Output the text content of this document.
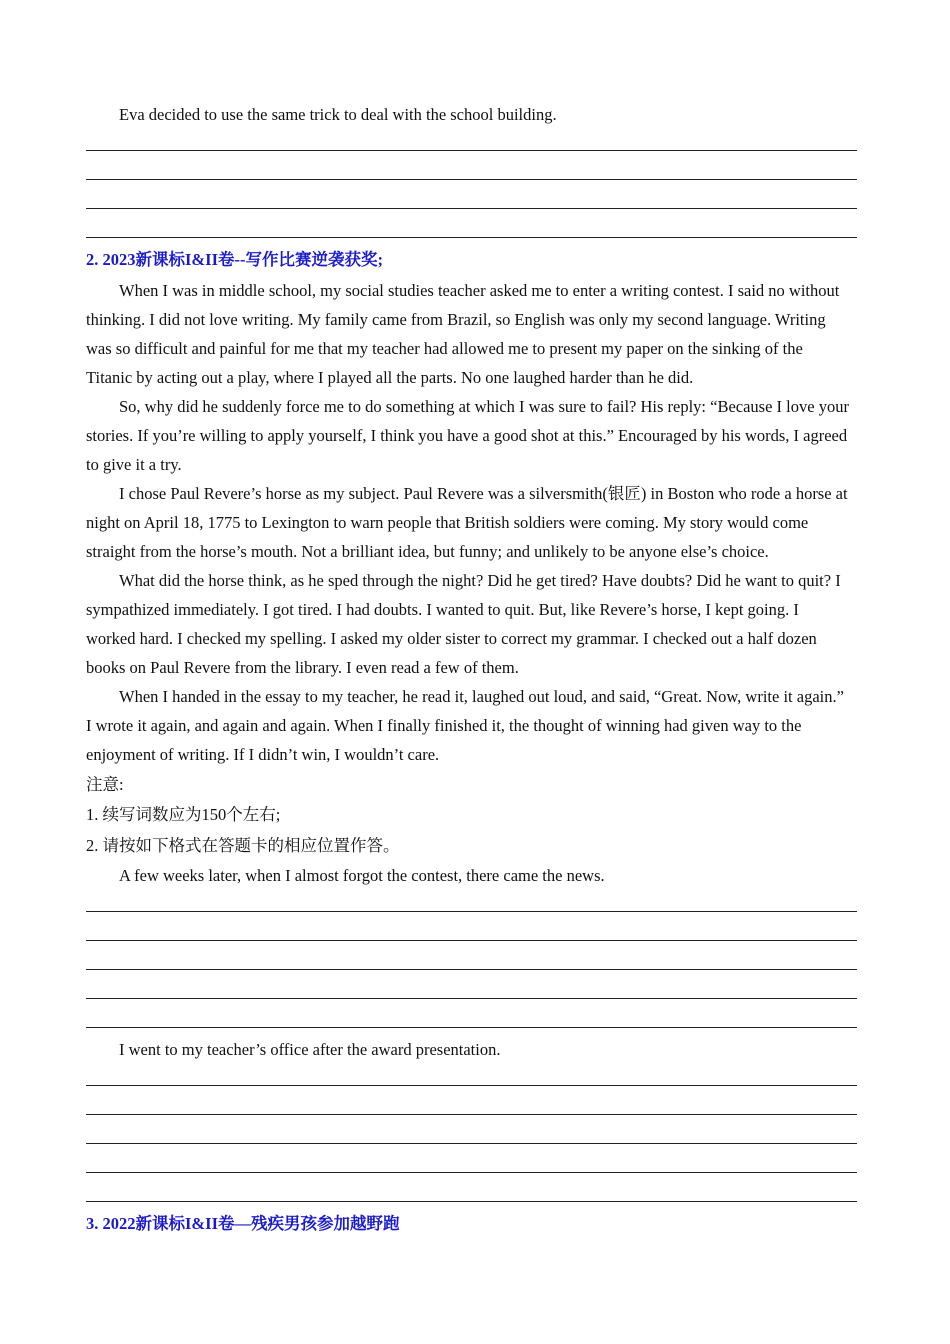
Eva decided to use the same trick to deal with the school building.

2. 2023新课标I&II卷--写作比赛逆袭获奖;
When I was in middle school, my social studies teacher asked me to enter a writing contest. I said no without
thinking. I did not love writing. My family came from Brazil, so English was only my second language. Writing
was so difficult and painful for me that my teacher had allowed me to present my paper on the sinking of the
Titanic by acting out a play, where I played all the parts. No one laughed harder than he did.
So, why did he suddenly force me to do something at which I was sure to fail? His reply: “Because I love your
stories. If you’re willing to apply yourself, I think you have a good shot at this.” Encouraged by his words, I agreed
to give it a try.
I chose Paul Revere’s horse as my subject. Paul Revere was a silversmith(银匠) in Boston who rode a horse at
night on April 18, 1775 to Lexington to warn people that British soldiers were coming. My story would come
straight from the horse’s mouth. Not a brilliant idea, but funny; and unlikely to be anyone else’s choice.
What did the horse think, as he sped through the night? Did he get tired? Have doubts? Did he want to quit? I
sympathized immediately. I got tired. I had doubts. I wanted to quit. But, like Revere’s horse, I kept going. I
worked hard. I checked my spelling. I asked my older sister to correct my grammar. I checked out a half dozen
books on Paul Revere from the library. I even read a few of them.
When I handed in the essay to my teacher, he read it, laughed out loud, and said, “Great. Now, write it again.”
I wrote it again, and again and again. When I finally finished it, the thought of winning had given way to the
enjoyment of writing. If I didn’t win, I wouldn’t care.

注意:

1. 续写词数应为150个左右;

2. 请按如下格式在答题卡的相应位置作答。

A few weeks later, when I almost forgot the contest, there came the news.

I went to my teacher’s office after the award presentation.

3. 2022新课标I&II卷—残疾男孩参加越野跑
